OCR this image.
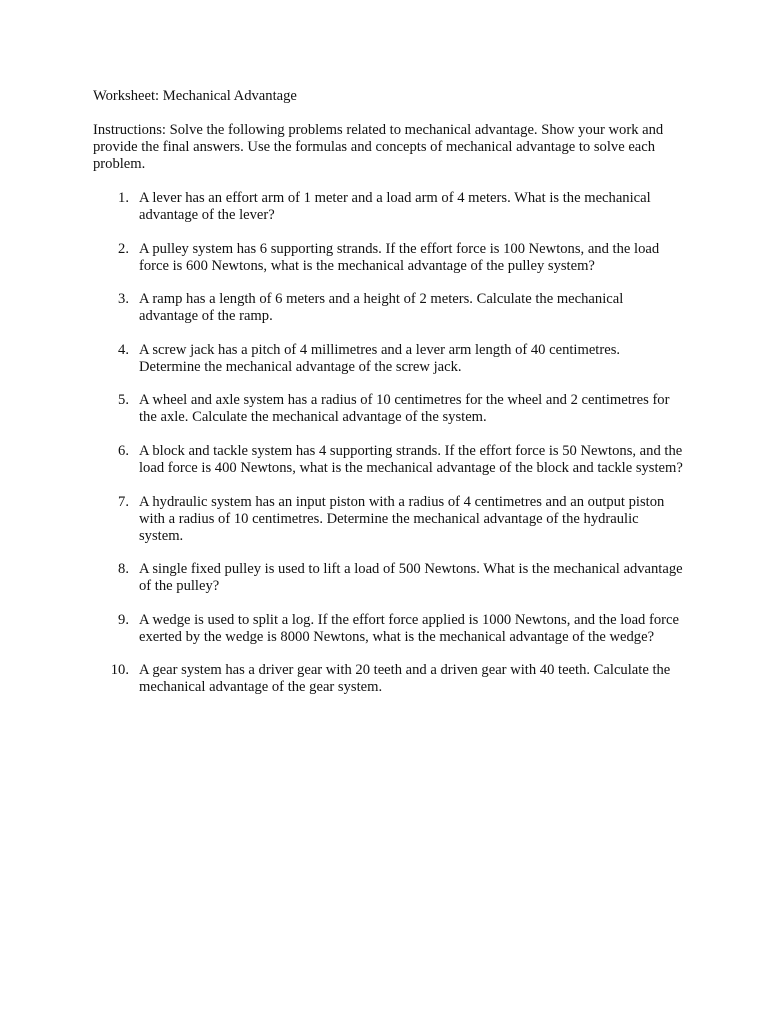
Worksheet: Mechanical Advantage

Instructions: Solve the following problems related to mechanical advantage. Show your work and provide the final answers. Use the formulas and concepts of mechanical advantage to solve each problem.

1. A lever has an effort arm of 1 meter and a load arm of 4 meters. What is the mechanical advantage of the lever?
2. A pulley system has 6 supporting strands. If the effort force is 100 Newtons, and the load force is 600 Newtons, what is the mechanical advantage of the pulley system?
3. A ramp has a length of 6 meters and a height of 2 meters. Calculate the mechanical advantage of the ramp.
4. A screw jack has a pitch of 4 millimetres and a lever arm length of 40 centimetres. Determine the mechanical advantage of the screw jack.
5. A wheel and axle system has a radius of 10 centimetres for the wheel and 2 centimetres for the axle. Calculate the mechanical advantage of the system.
6. A block and tackle system has 4 supporting strands. If the effort force is 50 Newtons, and the load force is 400 Newtons, what is the mechanical advantage of the block and tackle system?
7. A hydraulic system has an input piston with a radius of 4 centimetres and an output piston with a radius of 10 centimetres. Determine the mechanical advantage of the hydraulic system.
8. A single fixed pulley is used to lift a load of 500 Newtons. What is the mechanical advantage of the pulley?
9. A wedge is used to split a log. If the effort force applied is 1000 Newtons, and the load force exerted by the wedge is 8000 Newtons, what is the mechanical advantage of the wedge?
10. A gear system has a driver gear with 20 teeth and a driven gear with 40 teeth. Calculate the mechanical advantage of the gear system.
